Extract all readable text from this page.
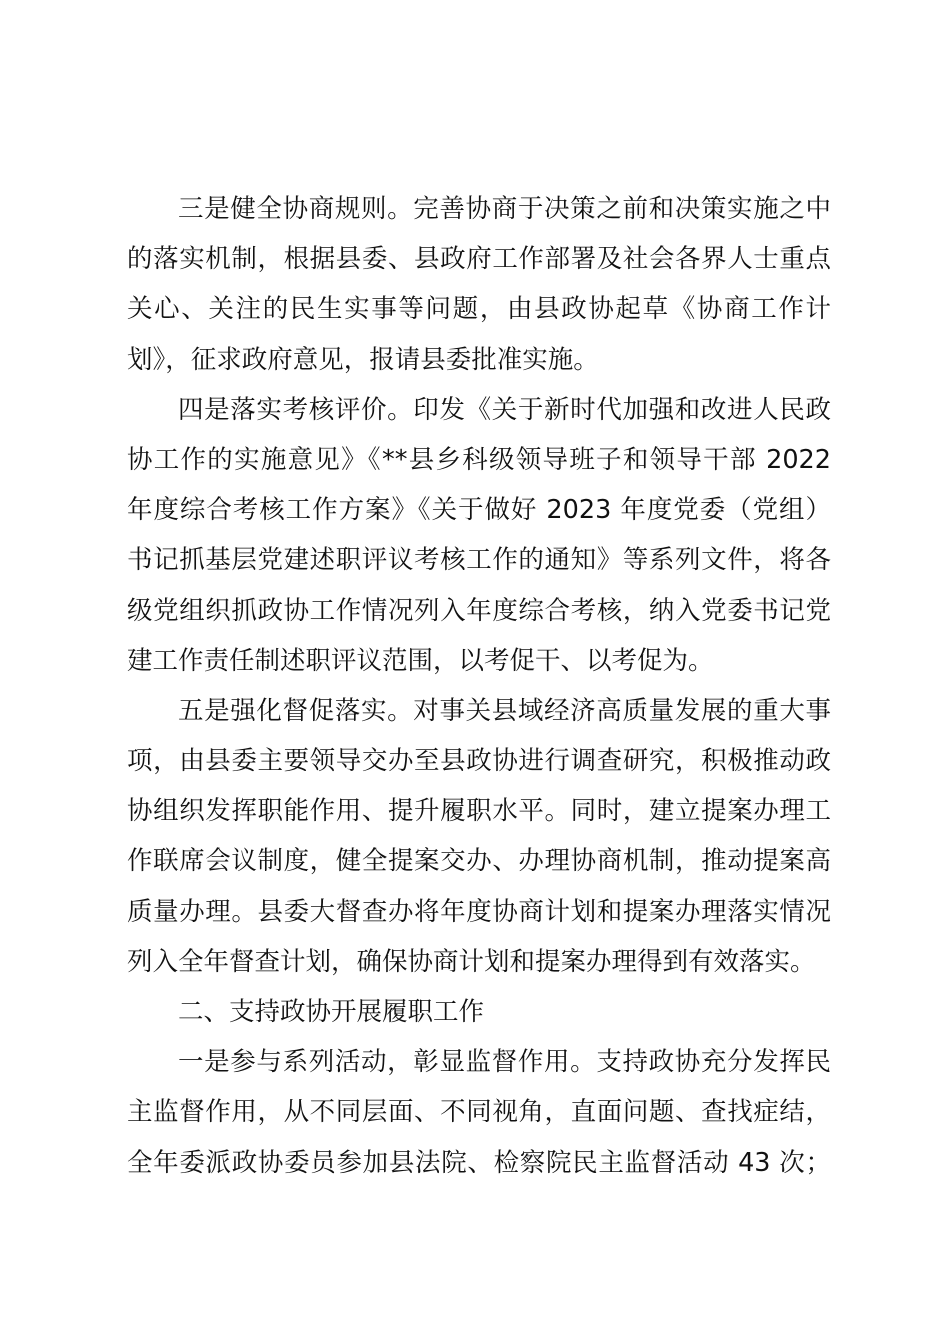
三是健全协商规则。完善协商于决策之前和决策实施之中
的落实机制，根据县委、县政府工作部署及社会各界人士重点
关心、关注的民生实事等问题，由县政协起草《协商工作计
划》，征求政府意见，报请县委批准实施。
四是落实考核评价。印发《关于新时代加强和改进人民政
协工作的实施意见》《**县乡科级领导班子和领导干部 2022
年度综合考核工作方案》《关于做好 2023 年度党委（党组）
书记抓基层党建述职评议考核工作的通知》等系列文件，将各
级党组织抓政协工作情况列入年度综合考核，纳入党委书记党
建工作责任制述职评议范围，以考促干、以考促为。
五是强化督促落实。对事关县域经济高质量发展的重大事
项，由县委主要领导交办至县政协进行调查研究，积极推动政
协组织发挥职能作用、提升履职水平。同时，建立提案办理工
作联席会议制度，健全提案交办、办理协商机制，推动提案高
质量办理。县委大督查办将年度协商计划和提案办理落实情况
列入全年督查计划，确保协商计划和提案办理得到有效落实。
二、支持政协开展履职工作
一是参与系列活动，彰显监督作用。支持政协充分发挥民
主监督作用，从不同层面、不同视角，直面问题、查找症结，
全年委派政协委员参加县法院、检察院民主监督活动 43 次；
